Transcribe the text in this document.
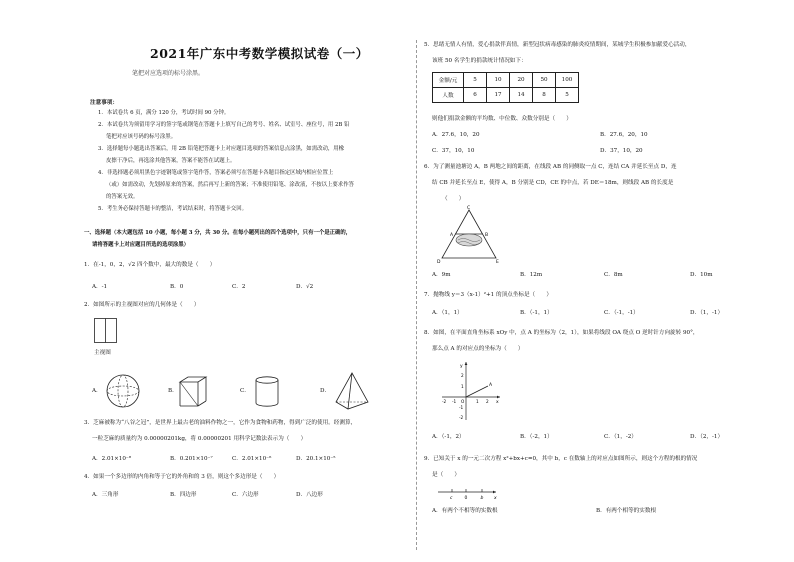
2021年广东中考数学模拟试卷（一）
笔把对应选项的标号涂黑。
注意事项：
1．本试卷共 6 页，满分 120 分，考试时间 90 分钟。
2．本试卷共为须留用学习的签字笔或钢笔在答题卡上填写自己的考号、姓名、试室号、座位号，用 2B 铅
笔把对应该号码的标号涂黑。
3．选择题每小题选出答案后，用 2B 铅笔把答题卡上对应题目选项的答案信息点涂黑，如需改动，用橡
皮擦干净后，再选涂其他答案，答案不能答在试题上。
4．非选择题必须用黑色字迹钢笔或签字笔作答，答案必须写在答题卡各题目指定区域内相应位置上
（或）如需改动，先划掉原来的答案，然后再写上新的答案；不准使用铅笔、涂改液，不按以上要求作答
的答案无效。
5．考生务必保持答题卡的整洁，考试结束时，将答题卡交回。
一、选择题（本大题包括 10 小题，每小题 3 分，共 30 分。在每小题列出的四个选项中，只有一个是正确的，
请将答题卡上对应题目所选的选项涂黑）
1．在-1，0，2，√2 四个数中，最大的数是（　　）
A．-1	B．0	C．2	D．√2
2．如图所示的主视图对应的几何体是（　　）
主视图
A．	B．	C．	D．
3．芝麻被称为“八谷之冠”，是世界上最古老的油料作物之一，它作为食物和药物，得到广泛的使用。经测算，
一粒芝麻的质量约为 0.00000201kg，将 0.00000201 用科学记数法表示为（　　）
A．2.01×10⁻⁸	B．0.201×10⁻⁷	C．2.01×10⁻⁶	D．20.1×10⁻⁵
4．如果一个多边形的内角和等于它的外角和的 3 倍，则这个多边形是（　　）
A．三角形	B．四边形	C．六边形	D．八边形
5．思绪无情人有情，爱心捐款伴真情，新型冠状病毒感染的肺炎疫情期间，某城学生积极参加献爱心活动，
该班 50 名学生的捐款统计情况如下：
金额/元	5	10	20	50	100
人数	6	17	14	8	5
则他们捐款金额的平均数、中位数、众数分别是（　　）
A．27.6，10，20	B．27.6，20，10
C．37，10，10	D．37，10，20
6．为了测量池塘边 A，B 两地之间的距离，在线段 AB 的同侧取一点 C，连结 CA 并延长至点 D，连
结 CB 并延长至点 E，使得 A，B 分别是 CD，CE 的中点，若 DE＝18m，则线段 AB 的长度是
（　　）
C
A	B
D	E
A．9m	B．12m	C．8m	D．10m
7．抛物线 y＝3（x-1）²+1 的顶点坐标是（　　）
A．（1，1）	B．（-1，1）	C．（-1，-1）	D．（1，-1）
8．如图，在平面直角坐标系 xOy 中，点 A 的坐标为（2，1），如果将线段 OA 绕点 O 逆时针方向旋转 90°，
那么点 A 的对应点的坐标为（　　）
y
x
A
2
1
-1
-2
-2 -1 O	1 2
A．（-1，2）	B．（-2，1）	C．（1，-2）	D．（2，-1）
9．已知关于 x 的一元二次方程 x²+bx+c=0，其中 b，c 在数轴上的对应点如图所示，则这个方程的根的情况
是（　　）
c	0	b x
A．有两个不相等的实数根	B．有两个相等的实数根
